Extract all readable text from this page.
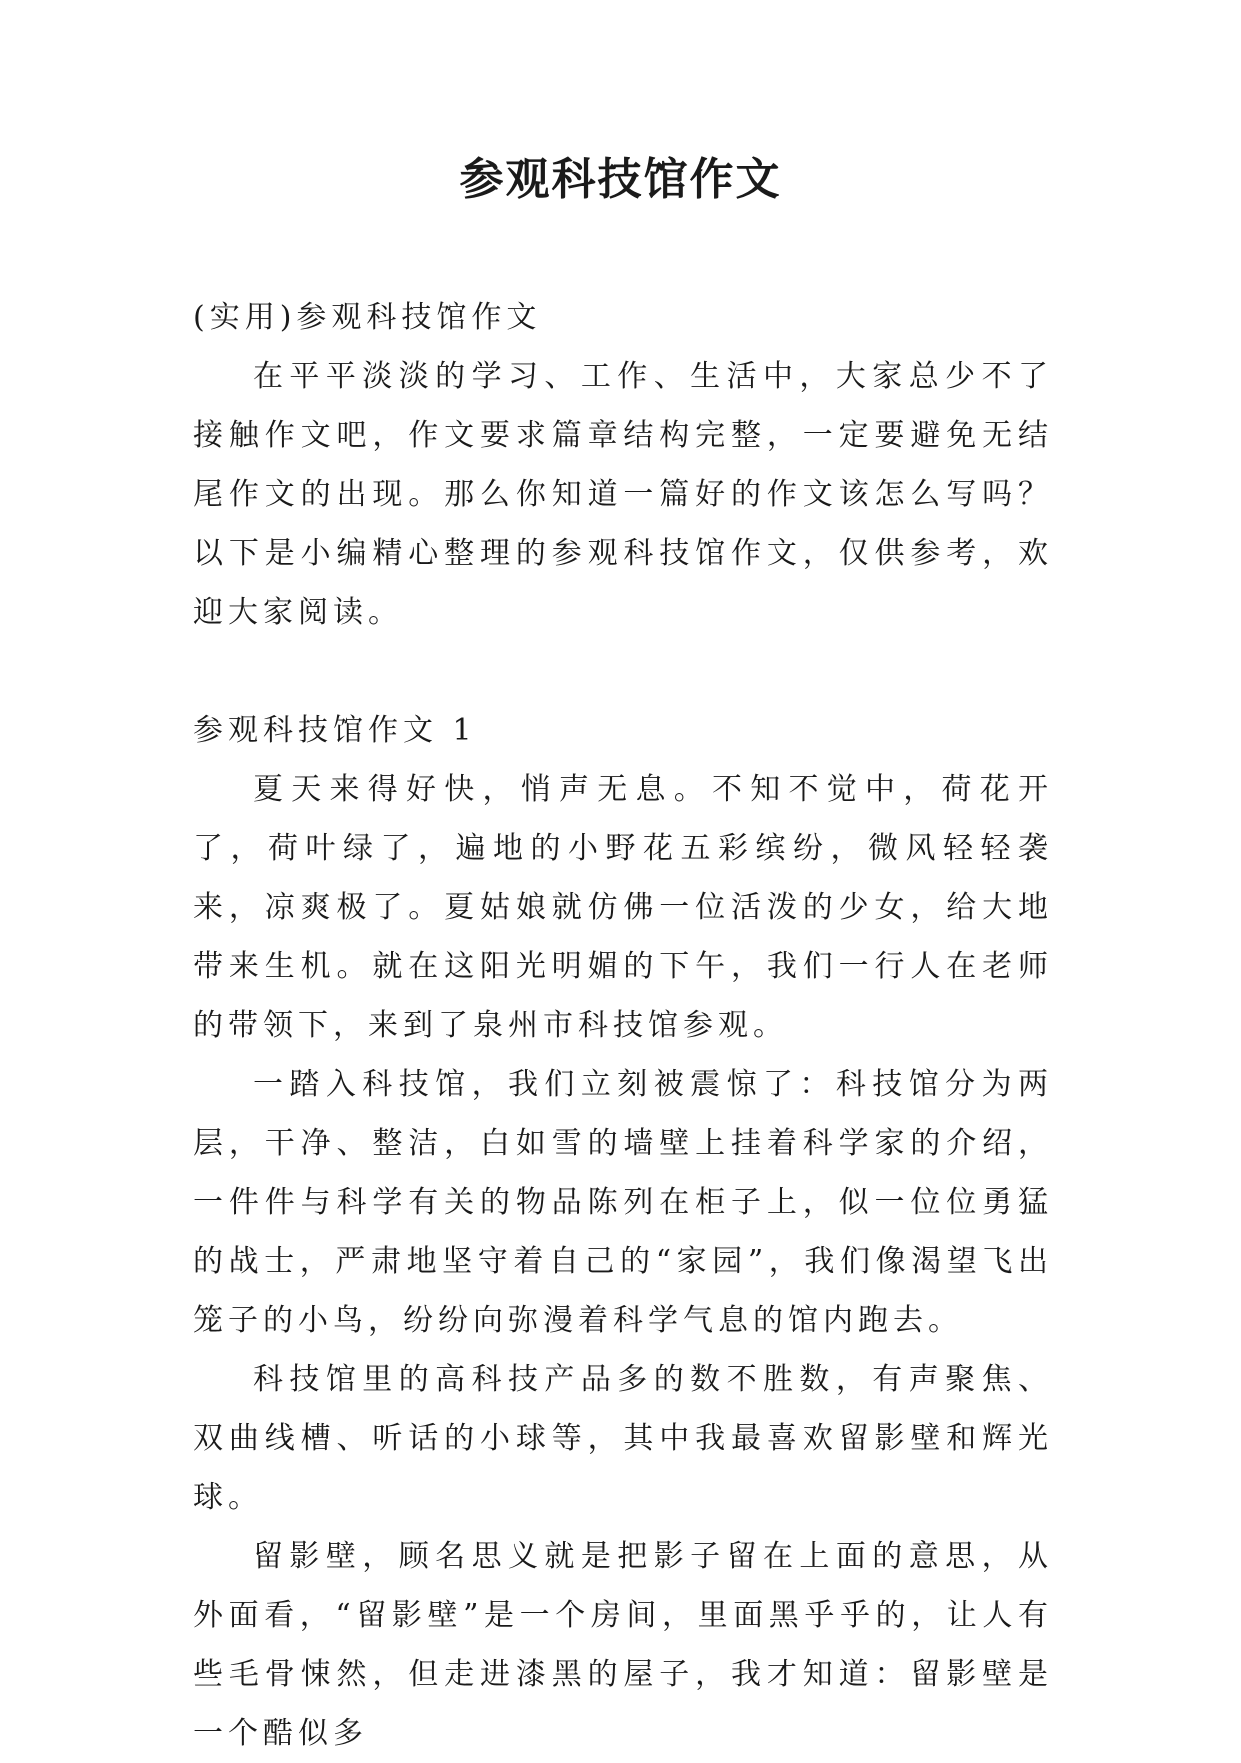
参观科技馆作文

(实用)参观科技馆作文

在平平淡淡的学习、工作、生活中，大家总少不了接触作文吧，作文要求篇章结构完整，一定要避免无结尾作文的出现。那么你知道一篇好的作文该怎么写吗？以下是小编精心整理的参观科技馆作文，仅供参考，欢迎大家阅读。

参观科技馆作文 1

夏天来得好快，悄声无息。不知不觉中，荷花开了，荷叶绿了，遍地的小野花五彩缤纷，微风轻轻袭来，凉爽极了。夏姑娘就仿佛一位活泼的少女，给大地带来生机。就在这阳光明媚的下午，我们一行人在老师的带领下，来到了泉州市科技馆参观。

一踏入科技馆，我们立刻被震惊了：科技馆分为两层，干净、整洁，白如雪的墙壁上挂着科学家的介绍，一件件与科学有关的物品陈列在柜子上，似一位位勇猛的战士，严肃地坚守着自己的“家园”，我们像渴望飞出笼子的小鸟，纷纷向弥漫着科学气息的馆内跑去。

科技馆里的高科技产品多的数不胜数，有声聚焦、双曲线槽、听话的小球等，其中我最喜欢留影壁和辉光球。

留影壁，顾名思义就是把影子留在上面的意思，从外面看，“留影壁”是一个房间，里面黑乎乎的，让人有些毛骨悚然，但走进漆黑的屋子，我才知道：留影壁是一个酷似多
